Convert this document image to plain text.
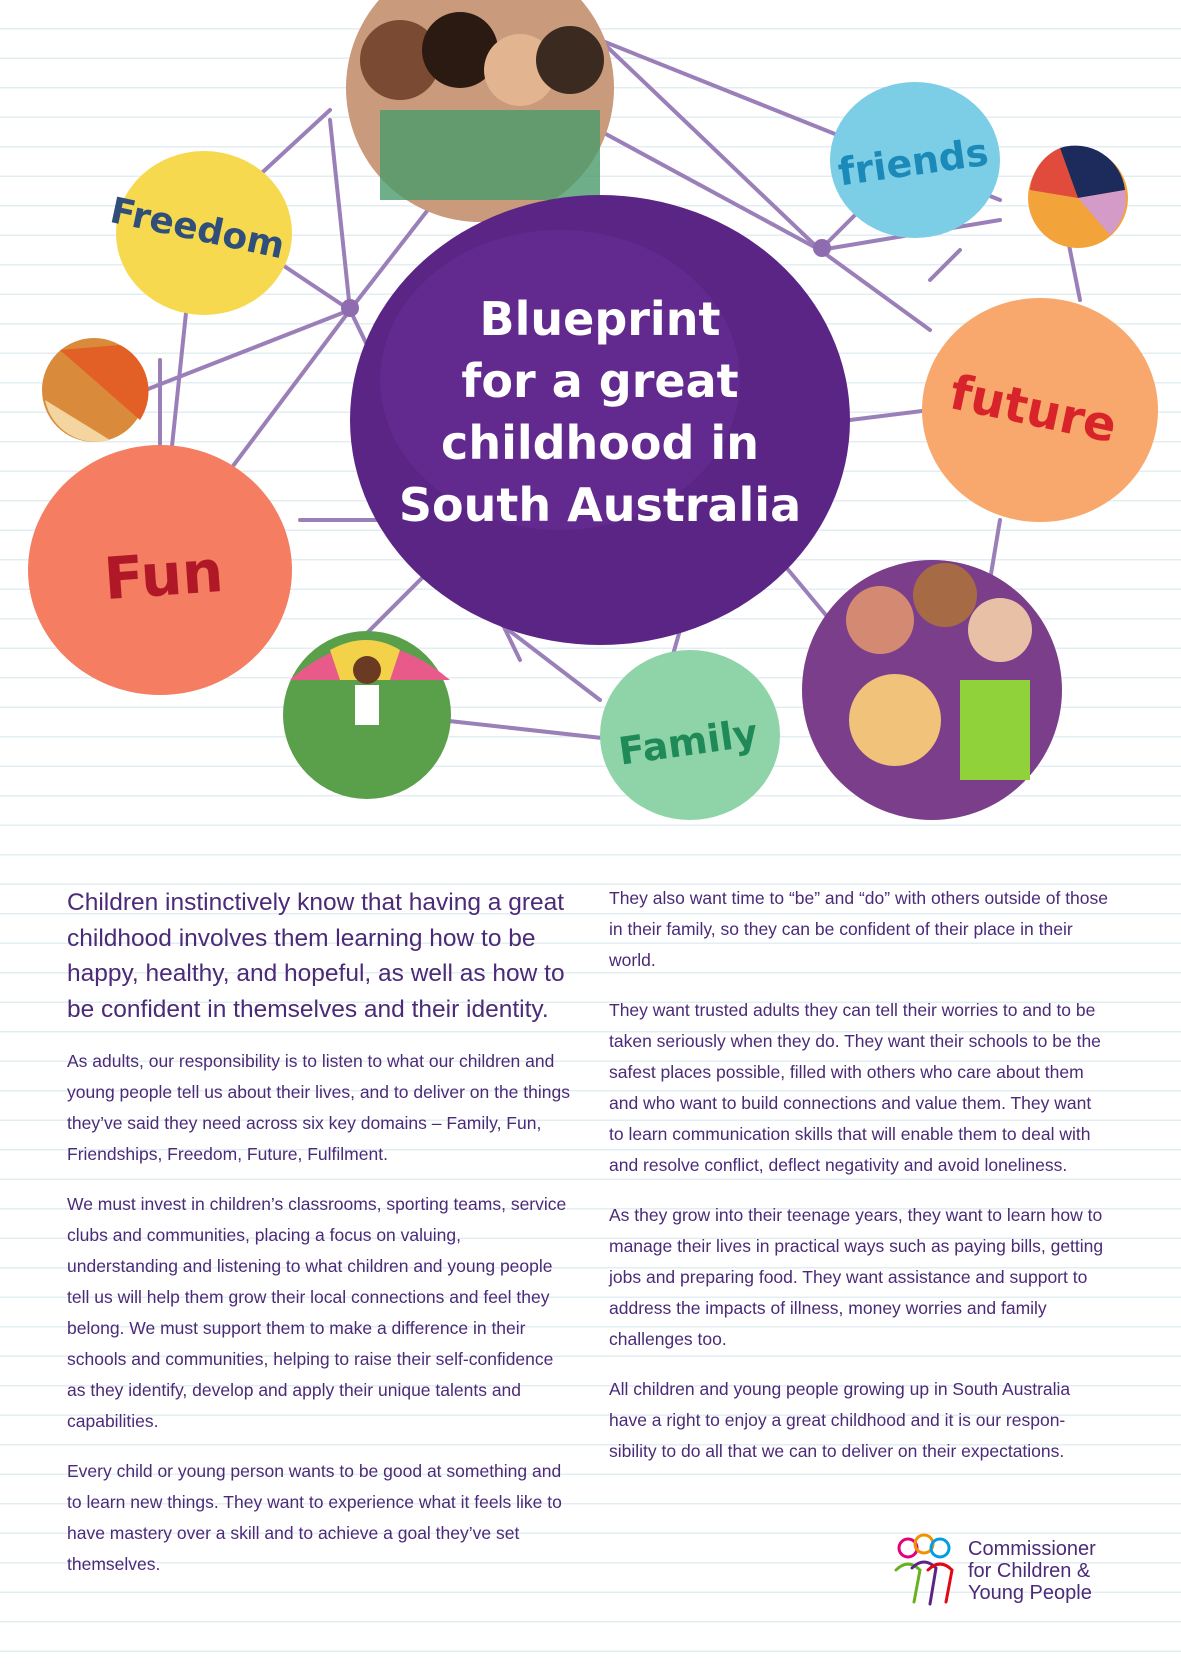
Freedom
friends
future
Fun
Blueprint
for a great
childhood in
South Australia
Family

Children instinctively know that having a great childhood involves them learning how to be happy, healthy, and hopeful, as well as how to be confident in themselves and their identity.

As adults, our responsibility is to listen to what our children and young people tell us about their lives, and to deliver on the things they’ve said they need across six key domains – Family, Fun, Friendships, Freedom, Future, Fulfilment.

We must invest in children’s classrooms, sporting teams, service clubs and communities, placing a focus on valuing, understanding and listening to what children and young people tell us will help them grow their local connections and feel they belong. We must support them to make a difference in their schools and communities, helping to raise their self-confidence as they identify, develop and apply their unique talents and capabilities.

Every child or young person wants to be good at something and to learn new things. They want to experience what it feels like to have mastery over a skill and to achieve a goal they’ve set themselves.

They also want time to “be” and “do” with others outside of those in their family, so they can be confident of their place in their world.

They want trusted adults they can tell their worries to and to be taken seriously when they do. They want their schools to be the safest places possible, filled with others who care about them and who want to build connections and value them. They want to learn communication skills that will enable them to deal with and resolve conflict, deflect negativity and avoid loneliness.

As they grow into their teenage years, they want to learn how to manage their lives in practical ways such as paying bills, getting jobs and preparing food. They want assistance and support to address the impacts of illness, money worries and family challenges too.

All children and young people growing up in South Australia have a right to enjoy a great childhood and it is our respon-sibility to do all that we can to deliver on their expectations.

Commissioner
for Children &
Young People
